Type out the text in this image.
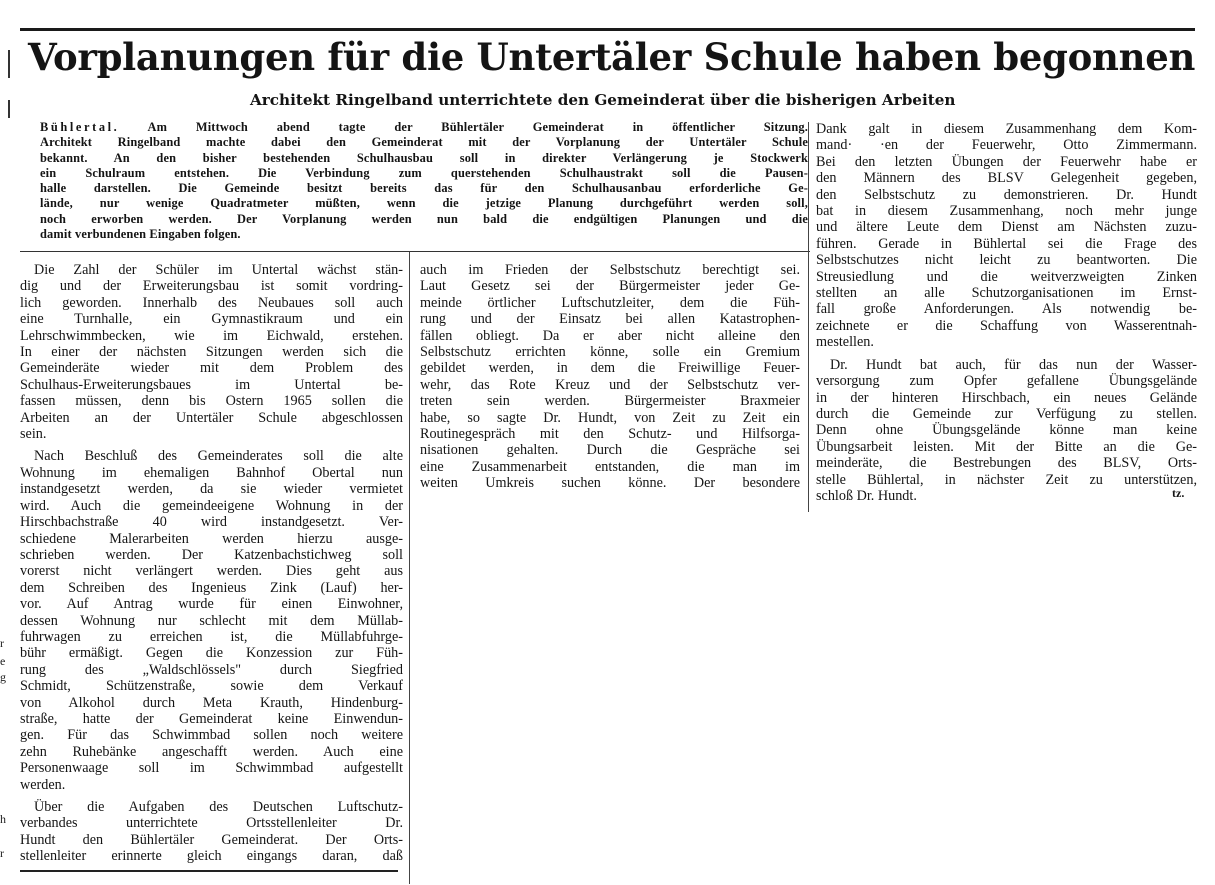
r
e
g
h
r
Vorplanungen für die Untertäler Schule haben begonnen
Architekt Ringelband unterrichtete den Gemeinderat über die bisherigen Arbeiten

Bühlertal. Am Mittwoch abend tagte der Bühlertäler Gemeinderat in öffentlicher Sitzung.

Architekt Ringelband machte dabei den Gemeinderat mit der Vorplanung der Untertäler Schule

bekannt. An den bisher bestehenden Schulhausbau soll in direkter Verlängerung je Stockwerk

ein Schulraum entstehen. Die Verbindung zum querstehenden Schulhaustrakt soll die Pausen-

halle darstellen. Die Gemeinde besitzt bereits das für den Schulhausanbau erforderliche Ge-

lände, nur wenige Quadratmeter müßten, wenn die jetzige Planung durchgeführt werden soll,

noch erworben werden. Der Vorplanung werden nun bald die endgültigen Planungen und die

damit verbundenen Eingaben folgen.

Die Zahl der Schüler im Untertal wächst stän-

dig und der Erweiterungsbau ist somit vordring-

lich geworden. Innerhalb des Neubaues soll auch

eine Turnhalle, ein Gymnastikraum und ein

Lehrschwimmbecken, wie im Eichwald, erstehen.

In einer der nächsten Sitzungen werden sich die

Gemeinderäte wieder mit dem Problem des

Schulhaus-Erweiterungsbaues im Untertal be-

fassen müssen, denn bis Ostern 1965 sollen die

Arbeiten an der Untertäler Schule abgeschlossen

sein.

Nach Beschluß des Gemeinderates soll die alte

Wohnung im ehemaligen Bahnhof Obertal nun

instandgesetzt werden, da sie wieder vermietet

wird. Auch die gemeindeeigene Wohnung in der

Hirschbachstraße 40 wird instandgesetzt. Ver-

schiedene Malerarbeiten werden hierzu ausge-

schrieben werden. Der Katzenbachstichweg soll

vorerst nicht verlängert werden. Dies geht aus

dem Schreiben des Ingenieus Zink (Lauf) her-

vor. Auf Antrag wurde für einen Einwohner,

dessen Wohnung nur schlecht mit dem Müllab-

fuhrwagen zu erreichen ist, die Müllabfuhrge-

bühr ermäßigt. Gegen die Konzession zur Füh-

rung des „Waldschlössels" durch Siegfried

Schmidt, Schützenstraße, sowie dem Verkauf

von Alkohol durch Meta Krauth, Hindenburg-

straße, hatte der Gemeinderat keine Einwendun-

gen. Für das Schwimmbad sollen noch weitere

zehn Ruhebänke angeschafft werden. Auch eine

Personenwaage soll im Schwimmbad aufgestellt

werden.

Über die Aufgaben des Deutschen Luftschutz-

verbandes unterrichtete Ortsstellenleiter Dr.

Hundt den Bühlertäler Gemeinderat. Der Orts-

stellenleiter erinnerte gleich eingangs daran, daß

auch im Frieden der Selbstschutz berechtigt sei.

Laut Gesetz sei der Bürgermeister jeder Ge-

meinde örtlicher Luftschutzleiter, dem die Füh-

rung und der Einsatz bei allen Katastrophen-

fällen obliegt. Da er aber nicht alleine den

Selbstschutz errichten könne, solle ein Gremium

gebildet werden, in dem die Freiwillige Feuer-

wehr, das Rote Kreuz und der Selbstschutz ver-

treten sein werden. Bürgermeister Braxmeier

habe, so sagte Dr. Hundt, von Zeit zu Zeit ein

Routinegespräch mit den Schutz- und Hilfsorga-

nisationen gehalten. Durch die Gespräche sei

eine Zusammenarbeit entstanden, die man im

weiten Umkreis suchen könne. Der besondere

Dank galt in diesem Zusammenhang dem Kom-

mand· ·en der Feuerwehr, Otto Zimmermann.

Bei den letzten Übungen der Feuerwehr habe er

den Männern des BLSV Gelegenheit gegeben,

den Selbstschutz zu demonstrieren. Dr. Hundt

bat in diesem Zusammenhang, noch mehr junge

und ältere Leute dem Dienst am Nächsten zuzu-

führen. Gerade in Bühlertal sei die Frage des

Selbstschutzes nicht leicht zu beantworten. Die

Streusiedlung und die weitverzweigten Zinken

stellten an alle Schutzorganisationen im Ernst-

fall große Anforderungen. Als notwendig be-

zeichnete er die Schaffung von Wasserentnah-

mestellen.

Dr. Hundt bat auch, für das nun der Wasser-

versorgung zum Opfer gefallene Übungsgelände

in der hinteren Hirschbach, ein neues Gelände

durch die Gemeinde zur Verfügung zu stellen.

Denn ohne Übungsgelände könne man keine

Übungsarbeit leisten. Mit der Bitte an die Ge-

meinderäte, die Bestrebungen des BLSV, Orts-

stelle Bühlertal, in nächster Zeit zu unterstützen,

schloß Dr. Hundt.	tz.
